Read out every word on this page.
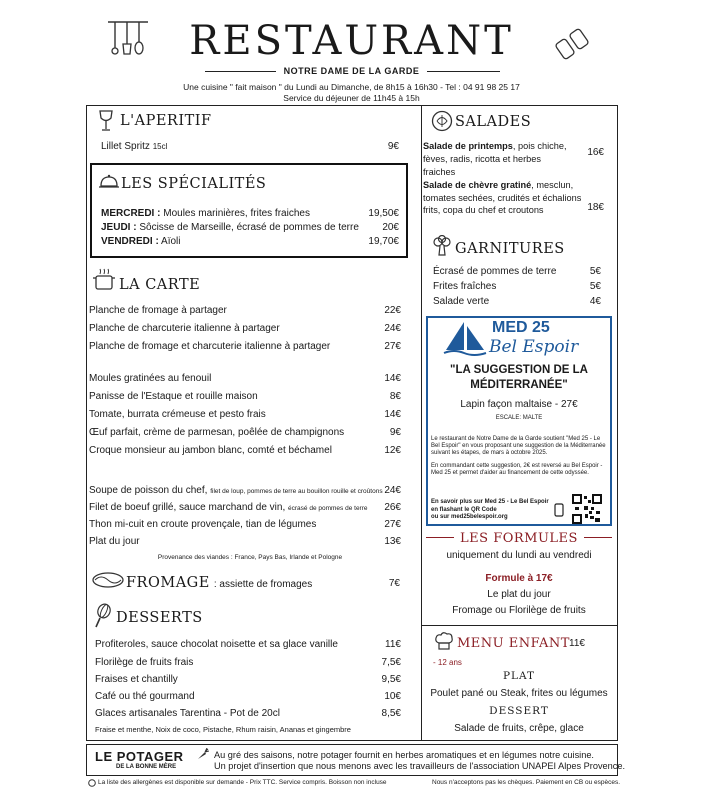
RESTAURANT
NOTRE DAME DE LA GARDE
Une cuisine " fait maison " du Lundi au Dimanche, de 8h15 à 16h30 - Tel : 04 91 98 25 17
Service du déjeuner de 11h45 à 15h
L'APERITIF
Lillet Spritz 15cl	9€
LES SPÉCIALITÉS
MERCREDI : Moules marinières, frites fraiches	19,50€
JEUDI : Sôcisse de Marseille, écrasé de pommes de terre 20€
VENDREDI : Aïoli	19,70€
LA CARTE
Planche de fromage à partager	22€
Planche de charcuterie italienne à partager	24€
Planche de fromage et charcuterie italienne à partager	27€
Moules gratinées au fenouil	14€
Panisse de l'Estaque et rouille maison	8€
Tomate, burrata crémeuse et pesto frais	14€
Œuf parfait, crème de parmesan, poêlée de champignons	9€
Croque monsieur au jambon blanc, comté et béchamel	12€
Soupe de poisson du chef, filet de loup, pommes de terre au bouillon rouille et croûtons 24€
Filet de boeuf grillé, sauce marchand de vin, écrasé de pommes de terre 26€
Thon mi-cuit en croute provençale, tian de légumes	27€
Plat du jour	13€
Provenance des viandes : France, Pays Bas, Irlande et Pologne
FROMAGE : assiette de fromages	7€
DESSERTS
Profiteroles, sauce chocolat noisette et sa glace vanille	11€
Florilège de fruits frais	7,5€
Fraises et chantilly	9,5€
Café ou thé gourmand	10€
Glaces artisanales Tarentina - Pot de 20cl	8,5€
Fraise et menthe, Noix de coco, Pistache, Rhum raisin, Ananas et gingembre
SALADES
Salade de printemps, pois chiche,
fèves, radis, ricotta et herbes fraiches
16€
Salade de chèvre gratiné, mesclun,
tomates sechées, crudités et échalions
frits, copa du chef et croutons	18€
GARNITURES
Écrasé de pommes de terre	5€
Frites fraîches	5€
Salade verte	4€
MED 25
Bel Espoir
"LA SUGGESTION DE LA
MÉDITERRANÉE"
Lapin façon maltaise - 27€
ESCALE: MALTE
Le restaurant de Notre Dame de la Garde soutient "Med 25 - Le Bel Espoir" en vous proposant une suggestion de la Méditerranée suivant les étapes, de mars à octobre 2025.
En commandant cette suggestion, 2€ est reversé au Bel Espoir - Med 25 et permet d'aider au financement de cette odyssée.
En savoir plus sur Med 25 - Le Bel Espoir
en flashant le QR Code
ou sur med25belespoir.org
LES FORMULES
uniquement du lundi au vendredi
Formule à 17€
Le plat du jour
Fromage ou Florilège de fruits
MENU ENFANT 11€
- 12 ans
PLAT
Poulet pané ou Steak, frites ou légumes
DESSERT
Salade de fruits, crêpe, glace
LE POTAGER
DE LA BONNE MÈRE
Au gré des saisons, notre potager fournit en herbes aromatiques et en légumes notre cuisine.
Un projet d'insertion que nous menons avec les travailleurs de l'association UNAPEI Alpes Provence.
La liste des allergènes est disponible sur demande - Prix TTC. Service compris. Boisson non incluse	Nous n'acceptons pas les chèques. Paiement en CB ou espèces.
